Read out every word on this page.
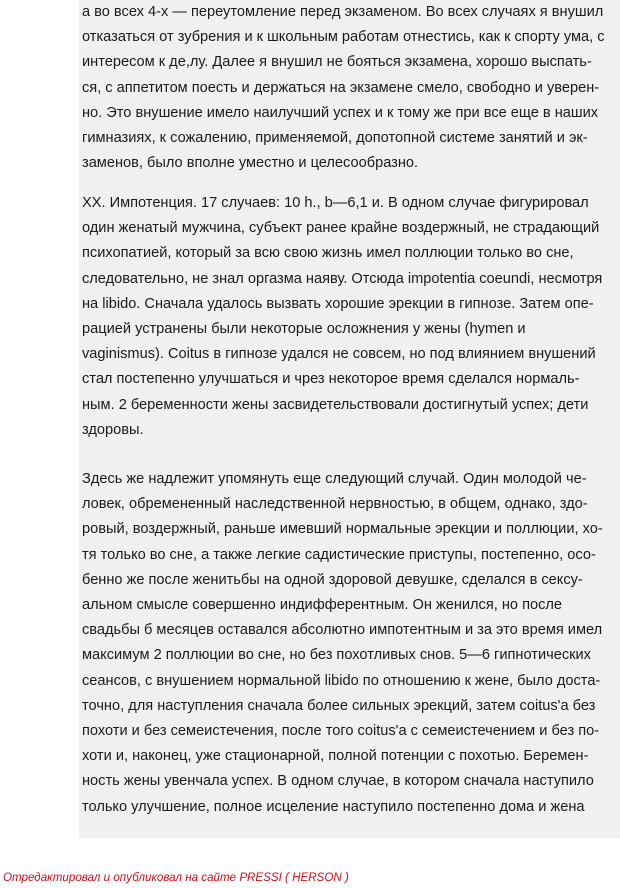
а во всех 4-х — переутомление перед экзаменом. Во всех случаях я внушил
отказаться от зубрения и к школьным работам отнестись, как к спорту ума, с
интересом к де,лу. Далее я внушил не бояться экзамена, хорошо выспать-
ся, с аппетитом поесть и держаться на экзамене смело, свободно и уверен-
но. Это внушение имело наилучший успех и к тому же при все еще в наших
гимназиях, к сожалению, применяемой, допотопной системе занятий и эк-
заменов, было вполне уместно и целесообразно.
XX. Импотенция. 17 случаев: 10 h., b—6,1 и. В одном случае фигурировал
один женатый мужчина, субъект ранее крайне воздержный, не страдающий
психопатией, который за всю свою жизнь имел поллюции только во сне,
следовательно, не знал оргазма наяву. Отсюда impotentia coeundi, несмотря
на libido. Сначала удалось вызвать хорошие эрекции в гипнозе. Затем опе-
рацией устранены были некоторые осложнения у жены (hymen и
vaginismus). Coitus в гипнозе удался не совсем, но под влиянием внушений
стал постепенно улучшаться и чрез некоторое время сделался нормаль-
ным. 2 беременности жены засвидетельствовали достигнутый успех; дети
здоровы.
Здесь же надлежит упомянуть еще следующий случай. Один молодой че-
ловек, обремененный наследственной нервностью, в общем, однако, здо-
ровый, воздержный, раньше имевший нормальные эрекции и поллюции, хо-
тя только во сне, а также легкие садистические приступы, постепенно, осо-
бенно же после женитьбы на одной здоровой девушке, сделался в сексу-
альном смысле совершенно индифферентным. Он женился, но после
свадьбы б месяцев оставался абсолютно импотентным и за это время имел
максимум 2 поллюции во сне, но без похотливых снов. 5—6 гипнотических
сеансов, с внушением нормальной libido по отношению к жене, было доста-
точно, для наступления сначала более сильных эрекций, затем coitus'a без
похоти и без семеистечения, после того coitus'a с семеистечением и без по-
хоти и, наконец, уже стационарной, полной потенции с похотью. Беремен-
ность жены увенчала успех. В одном случае, в котором сначала наступило
только улучшение, полное исцеление наступило постепенно дома и жена
Отредактировал и опубликовал на сайте PRESSI ( HERSON )
